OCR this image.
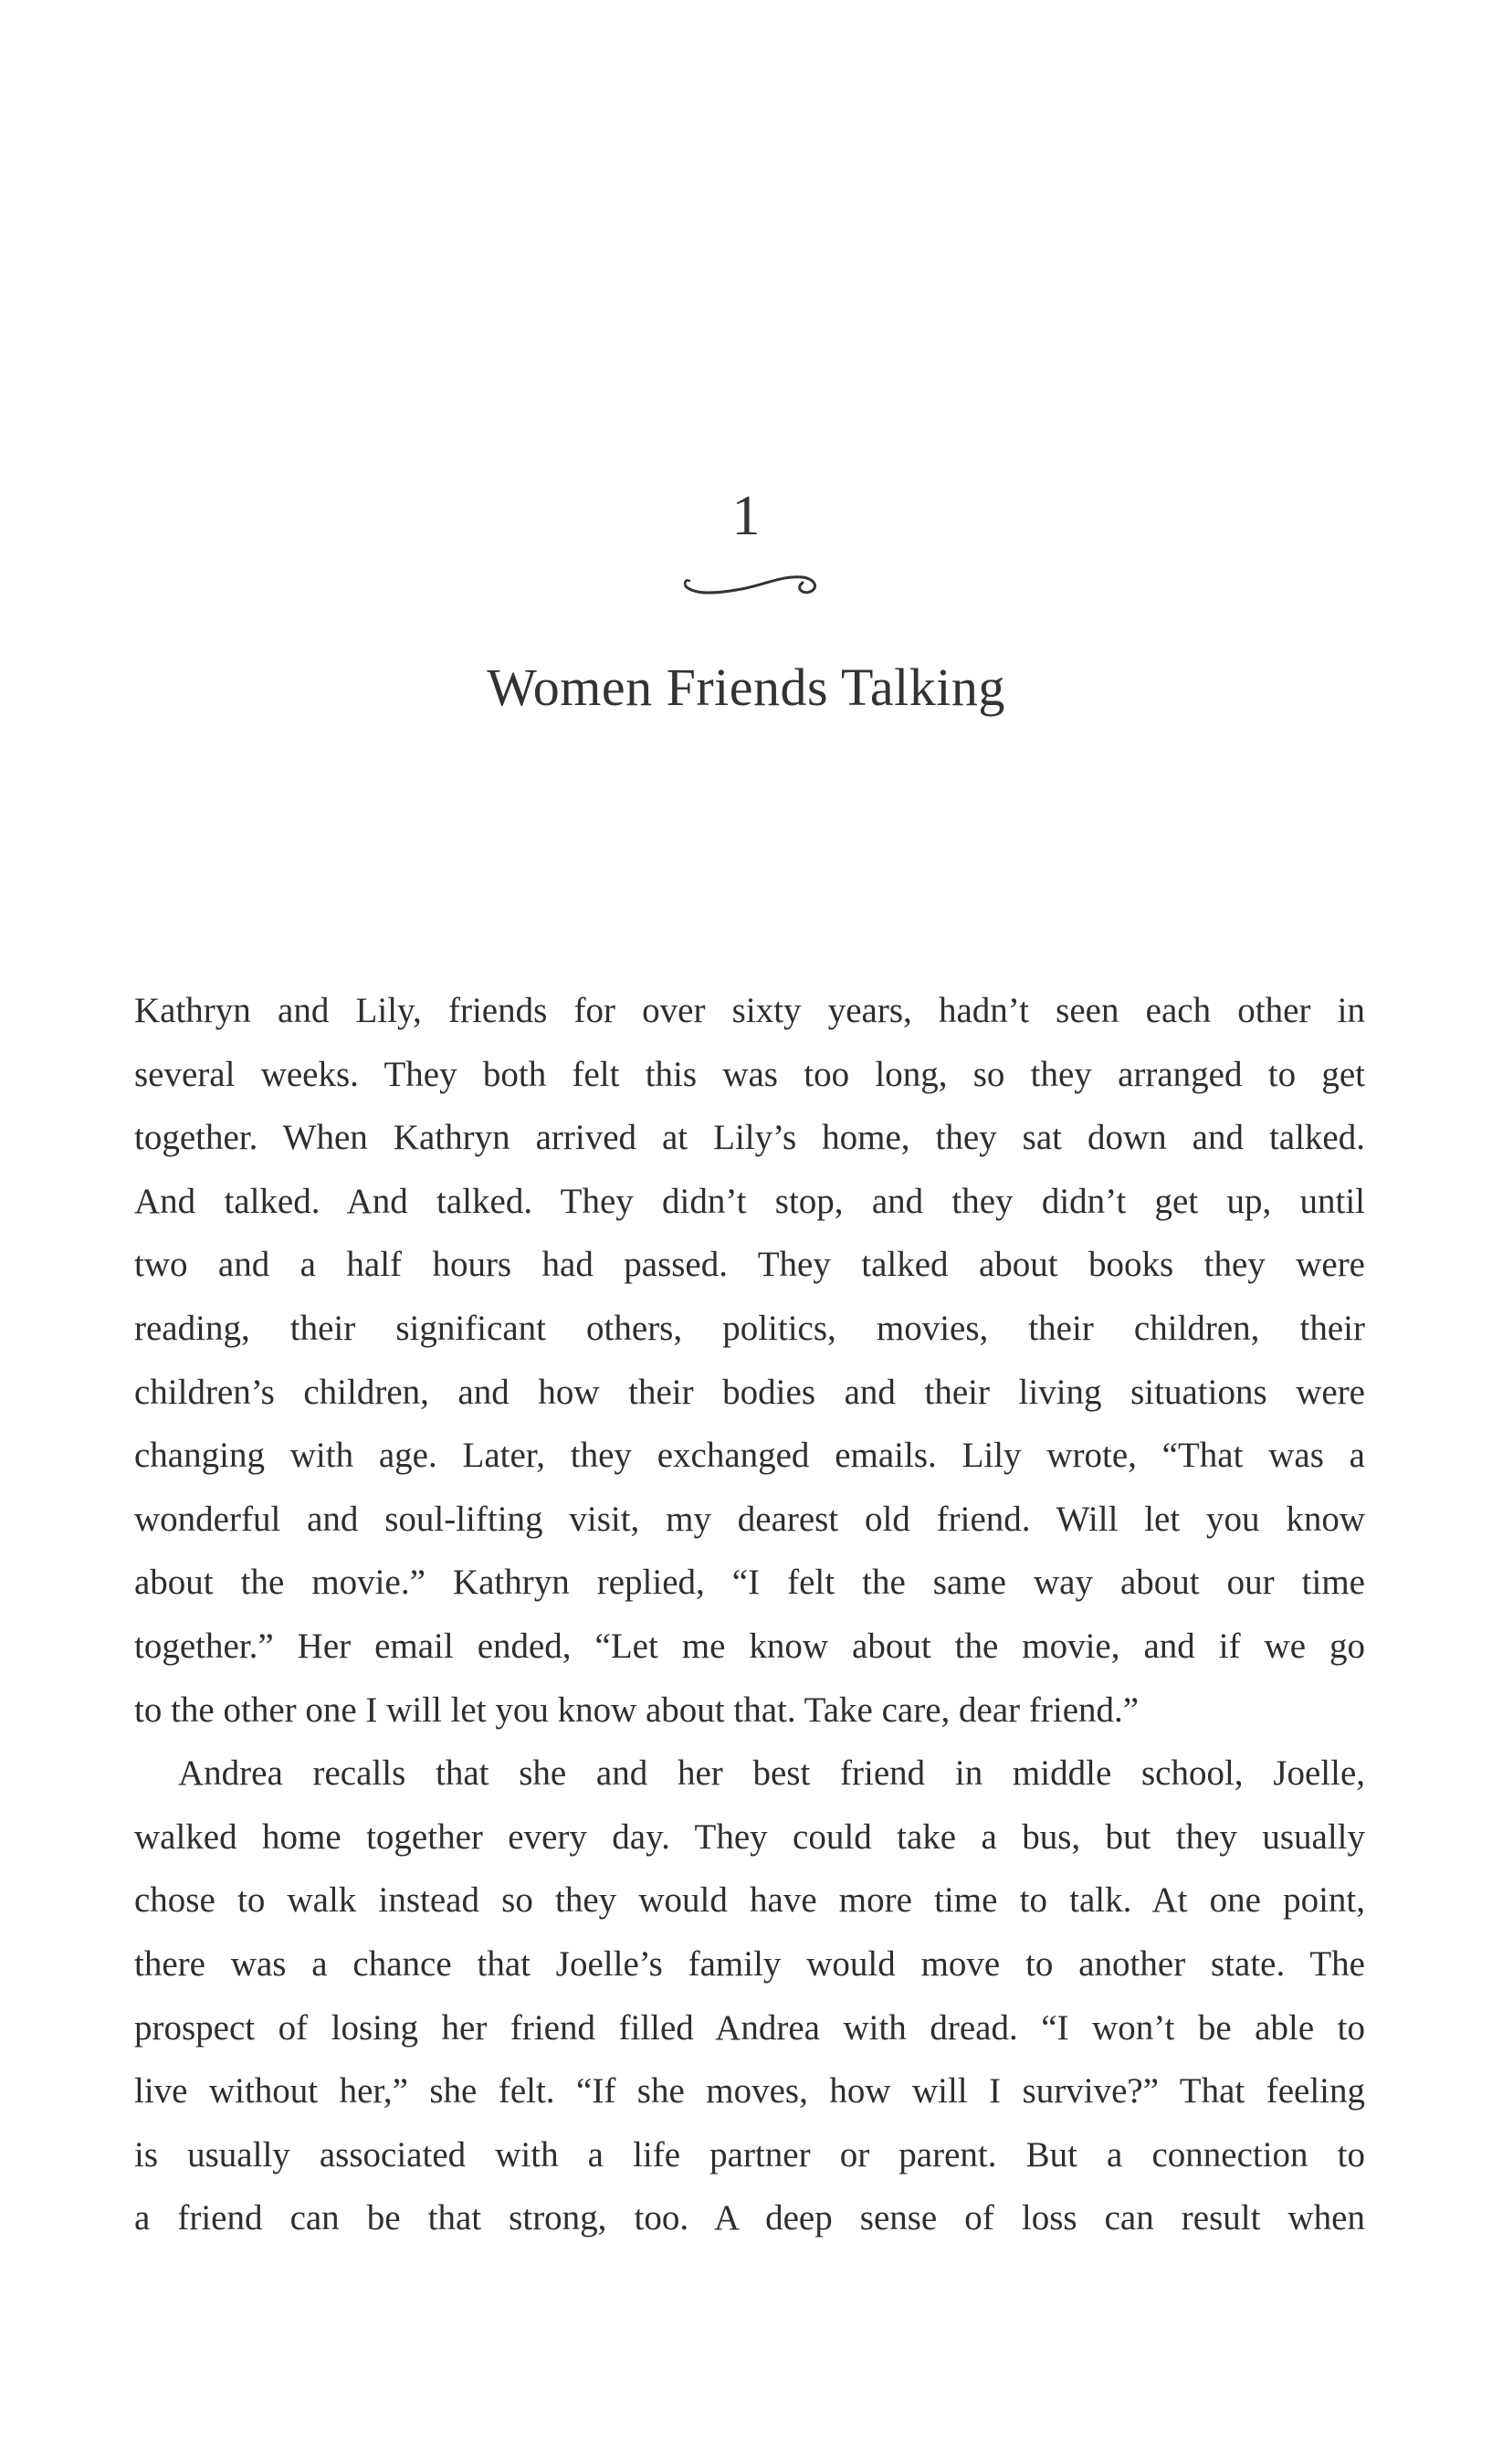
1
Women Friends Talking
Kathryn and Lily, friends for over sixty years, hadn’t seen each other in
several weeks. They both felt this was too long, so they arranged to get
together. When Kathryn arrived at Lily’s home, they sat down and talked.
And talked. And talked. They didn’t stop, and they didn’t get up, until
two and a half hours had passed. They talked about books they were
reading, their significant others, politics, movies, their children, their
children’s children, and how their bodies and their living situations were
changing with age. Later, they exchanged emails. Lily wrote, “That was a
wonderful and soul-lifting visit, my dearest old friend. Will let you know
about the movie.” Kathryn replied, “I felt the same way about our time
together.” Her email ended, “Let me know about the movie, and if we go
to the other one I will let you know about that. Take care, dear friend.”
Andrea recalls that she and her best friend in middle school, Joelle,
walked home together every day. They could take a bus, but they usually
chose to walk instead so they would have more time to talk. At one point,
there was a chance that Joelle’s family would move to another state. The
prospect of losing her friend filled Andrea with dread. “I won’t be able to
live without her,” she felt. “If she moves, how will I survive?” That feeling
is usually associated with a life partner or parent. But a connection to
a friend can be that strong, too. A deep sense of loss can result when
